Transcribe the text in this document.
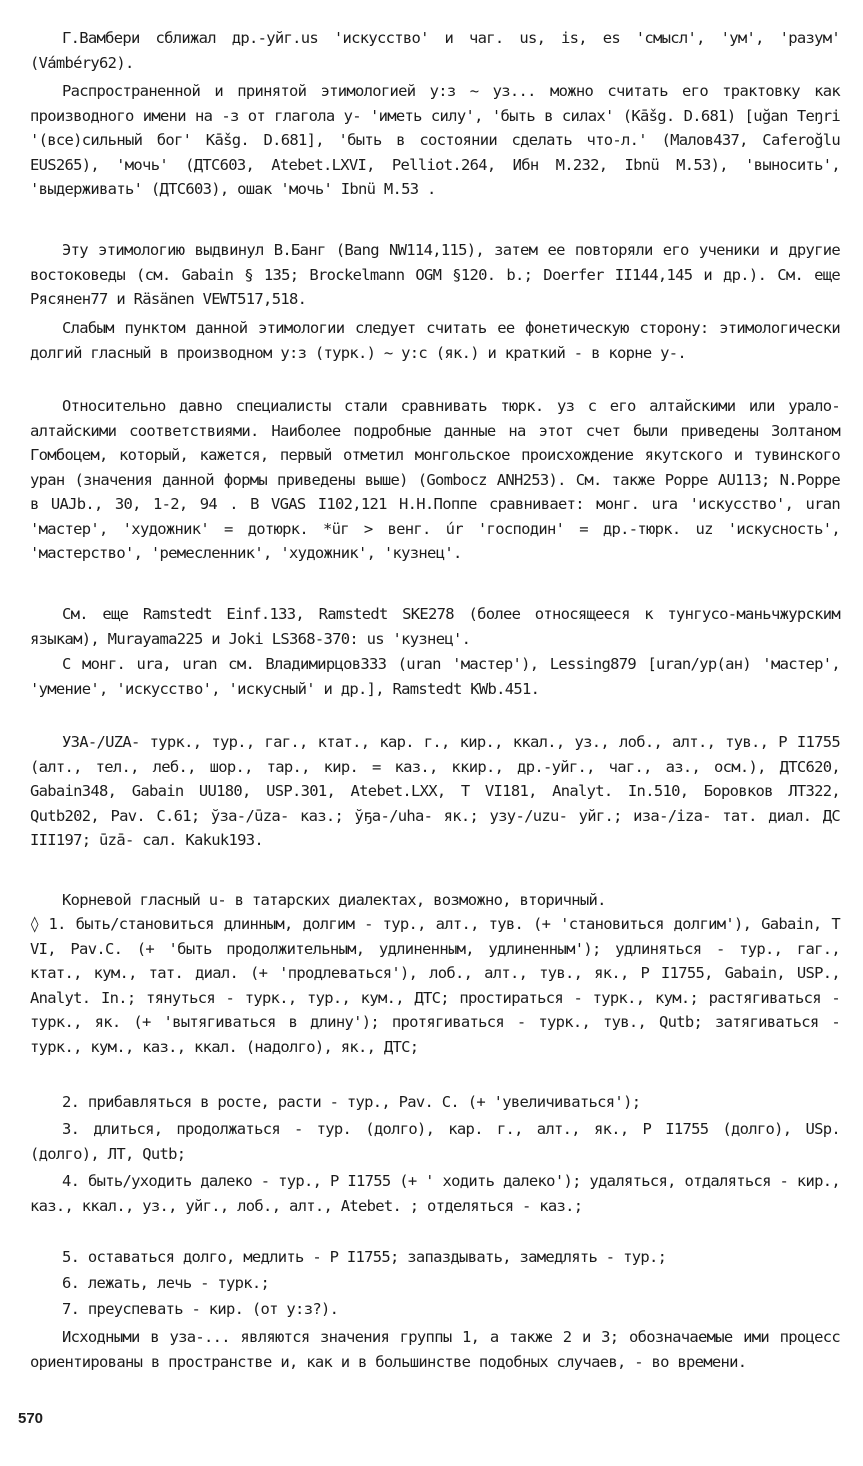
Г.Вамбери сближал др.-уйг.us 'искусство' и чаг. us, is, es 'смысл', 'ум', 'разум' (Vámbéry62).

Распространенной и принятой этимологией у:з ~ уз... можно считать его трактовку как производного имени на -з от глагола у- 'иметь силу', 'быть в силах' (Kāšg. D.681) [uğan Teŋri '(все)сильный бог' Kāšg. D.681], 'быть в состоянии сделать что-л.' (Малов437, Caferoğlu EUS265), 'мочь' (ДТС603, Atebet.LXVI, Pelliot.264, Ибн М.232, Ibnü M.53), 'выносить', 'выдерживать' (ДТС603), ошак 'мочь' Ibnü M.53 .

Эту этимологию выдвинул В.Банг (Bang NW114,115), затем ее повторяли его ученики и другие востоковеды (см. Gabain § 135; Brockelmann OGM §120. b.; Doerfer II144,145 и др.). См. еще Рясянен77 и Räsänen VEWT517,518.

Слабым пунктом данной этимологии следует считать ее фонетическую сторону: этимологически долгий гласный в производном у:з (турк.) ~ у:с (як.) и краткий - в корне у-.

Относительно давно специалисты стали сравнивать тюрк. уз с его алтайскими или урало-алтайскими соответствиями. Наиболее подробные данные на этот счет были приведены Золтаном Гомбоцем, который, кажется, первый отметил монгольское происхождение якутского и тувинского уран (значения данной формы приведены выше) (Gombocz ANH253). См. также Poppe AU113; N.Poppe в UAJb., 30, 1-2, 94 . В VGAS I102,121 Н.Н.Поппе сравнивает: монг. ura 'искусство', uran 'мастер', 'художник' = дотюрк. *üг > венг. úr 'господин' = др.-тюрк. uz 'искусность', 'мастерство', 'ремесленник', 'художник', 'кузнец'.

См. еще Ramstedt Einf.133, Ramstedt SKE278 (более относящееся к тунгусо-маньчжурским языкам), Murayama225 и Joki LS368-370: us 'кузнец'.

С монг. ura, uran см. Владимирцов333 (uran 'мастер'), Lessing879 [uran/ур(ан) 'мастер', 'умение', 'искусство', 'искусный' и др.], Ramstedt KWb.451.

УЗА-/UZA- турк., тур., гаг., ктат., кар. г., кир., ккал., уз., лоб., алт., тув., Р I1755 (алт., тел., леб., шор., тар., кир. = каз., ккир., др.-уйг., чаг., аз., осм.), ДТС620, Gabain348, Gabain UU180, USP.301, Atebet.LXX, T VI181, Analyt. In.510, Боровков ЛТ322, Qutb202, Pav. C.61; ўза-/ūza- каз.; ўҕа-/uha- як.; узу-/uzu- уйг.; иза-/iza- тат. диал. ДС III197; ūzā- сал. Kakuk193.

Корневой гласный u- в татарских диалектах, возможно, вторичный.

◊ 1. быть/становиться длинным, долгим - тур., алт., тув. (+ 'становиться долгим'), Gabain, T VI, Pav.C. (+ 'быть продолжительным, удлиненным, удлиненным'); удлиняться - тур., гаг., ктат., кум., тат. диал. (+ 'продлеваться'), лоб., алт., тув., як., Р I1755, Gabain, USP., Analyt. In.; тянуться - турк., тур., кум., ДТС; простираться - турк., кум.; растягиваться - турк., як. (+ 'вытягиваться в длину'); протягиваться - турк., тув., Qutb; затягиваться - турк., кум., каз., ккал. (надолго), як., ДТС;

2. прибавляться в росте, расти - тур., Pav. C. (+ 'увеличиваться');

3. длиться, продолжаться - тур. (долго), кар. г., алт., як., Р I1755 (долго), USp. (долго), ЛТ, Qutb;

4. быть/уходить далеко - тур., Р I1755 (+ ' ходить далеко'); удаляться, отдаляться - кир., каз., ккал., уз., уйг., лоб., алт., Atebet. ; отделяться - каз.;

5. оставаться долго, медлить - Р I1755; запаздывать, замедлять - тур.;

6. лежать, лечь - турк.;

7. преуспевать - кир. (от у:з?).

Исходными в уза-... являются значения группы 1, а также 2 и 3; обозначаемые ими процесс ориентированы в пространстве и, как и в большинстве подобных случаев, - во времени.

570
